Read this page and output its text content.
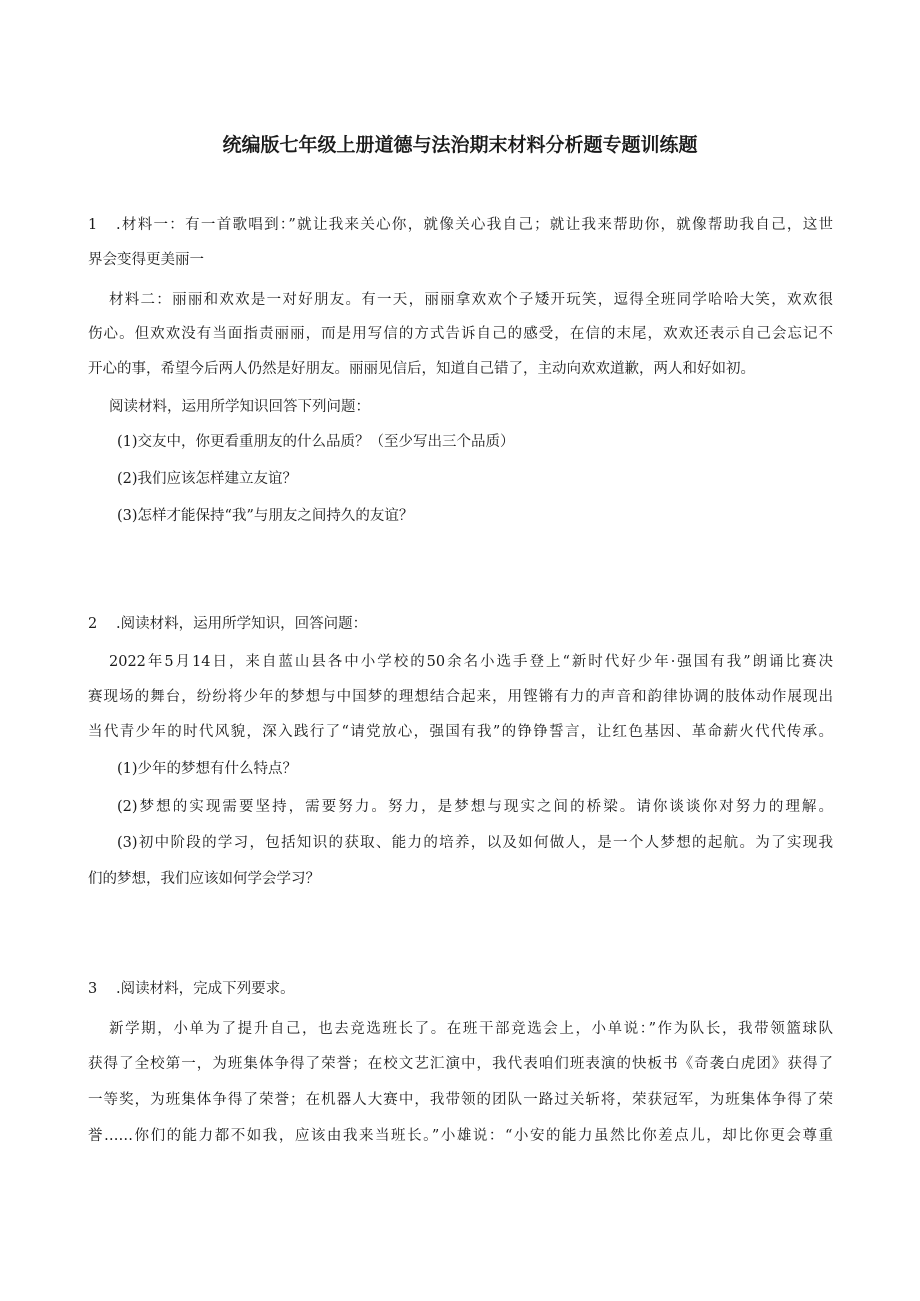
统编版七年级上册道德与法治期末材料分析题专题训练题
1 .材料一：有一首歌唱到：”就让我来关心你，就像关心我自己；就让我来帮助你，就像帮助我自己，这世
界会变得更美丽一
材料二：丽丽和欢欢是一对好朋友。有一天，丽丽拿欢欢个子矮开玩笑，逗得全班同学哈哈大笑，欢欢很
伤心。但欢欢没有当面指责丽丽，而是用写信的方式告诉自己的感受，在信的末尾，欢欢还表示自己会忘记不
开心的事，希望今后两人仍然是好朋友。丽丽见信后，知道自己错了，主动向欢欢道歉，两人和好如初。
阅读材料，运用所学知识回答下列问题：
(1)交友中，你更看重朋友的什么品质？（至少写出三个品质）
(2)我们应该怎样建立友谊？
(3)怎样才能保持“我”与朋友之间持久的友谊？
2 .阅读材料，运用所学知识，回答问题：
2022年5月14日，来自蓝山县各中小学校的50余名小选手登上“新时代好少年·强国有我”朗诵比赛决
赛现场的舞台，纷纷将少年的梦想与中国梦的理想结合起来，用铿锵有力的声音和韵律协调的肢体动作展现出
当代青少年的时代风貌，深入践行了“请党放心，强国有我”的铮铮誓言，让红色基因、革命薪火代代传承。
(1)少年的梦想有什么特点？
(2)梦想的实现需要坚持，需要努力。努力，是梦想与现实之间的桥梁。请你谈谈你对努力的理解。
(3)初中阶段的学习，包括知识的获取、能力的培养，以及如何做人，是一个人梦想的起航。为了实现我
们的梦想，我们应该如何学会学习？
3 .阅读材料，完成下列要求。
新学期，小单为了提升自己，也去竞选班长了。在班干部竞选会上，小单说：”作为队长，我带领篮球队
获得了全校第一，为班集体争得了荣誉；在校文艺汇演中，我代表咱们班表演的快板书《奇袭白虎团》获得了
一等奖，为班集体争得了荣誉；在机器人大赛中，我带领的团队一路过关斩将，荣获冠军，为班集体争得了荣
誉……你们的能力都不如我，应该由我来当班长。”小雄说：“小安的能力虽然比你差点儿，却比你更会尊重
